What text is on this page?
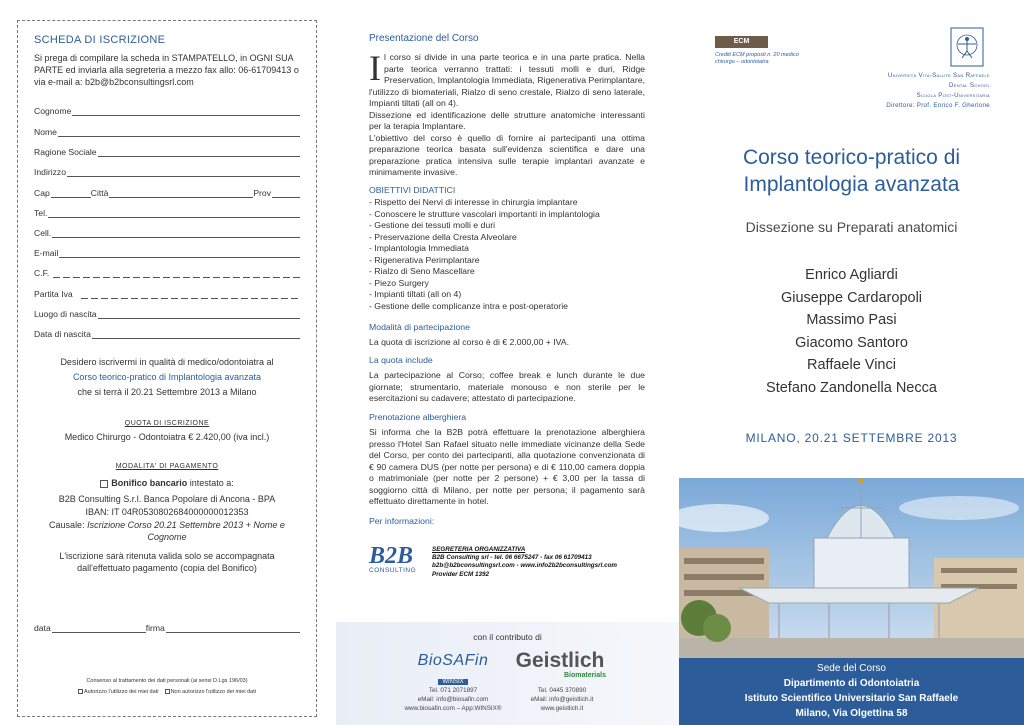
SCHEDA DI ISCRIZIONE
Si prega di compilare la scheda in STAMPATELLO, in OGNI SUA PARTE ed inviarla alla segreteria a mezzo fax allo: 06-61709413 o via e-mail a: b2b@b2bconsultingsrl.com
Cognome
Nome
Ragione Sociale
Indirizzo
Cap	Città	Prov
Tel.
Cell.
E-mail
C.F.
Partita Iva
Luogo di nascita
Data di nascita
Desidero iscrivermi in qualità di medico/odontoiatra al
Corso teorico-pratico di Implantologia avanzata
che si terrà il 20.21 Settembre 2013 a Milano
QUOTA DI ISCRIZIONE
Medico Chirurgo - Odontoiatra € 2.420,00 (iva incl.)
MODALITA' DI PAGAMENTO
Bonifico bancario intestato a:
B2B Consulting S.r.l. Banca Popolare di Ancona - BPA
IBAN: IT 04R0530802684000000012353
Causale: Iscrizione Corso 20.21 Settembre 2013 + Nome e Cognome
L'iscrizione sarà ritenuta valida solo se accompagnata dall'effettuato pagamento (copia del Bonifico)
data	firma
Consenso al trattamento dei dati personali (ai sensi D.Lgs 196/03)
Autorizzo l'utilizzo dei miei dati Non autorizzo l'utilizzo dei miei dati
Presentazione del Corso
Il corso si divide in una parte teorica e in una parte pratica. Nella parte teorica verranno trattati: i tessuti molli e duri, Ridge Preservation, Implantologia Immediata, Rigenerativa Perimplantare, l'utilizzo di biomateriali, Rialzo di seno crestale, Rialzo di seno laterale, Impianti tiltati (all on 4).
Dissezione ed identificazione delle strutture anatomiche interessanti per la terapia Implantare.
L'obiettivo del corso è quello di fornire ai partecipanti una ottima preparazione teorica basata sull'evidenza scientifica e dare una preparazione pratica intensiva sulle terapie implantari avanzate e minimamente invasive.
OBIETTIVI DIDATTICI
- Rispetto dei Nervi di interesse in chirurgia implantare
- Conoscere le strutture vascolari importanti in implantologia
- Gestione dei tessuti molli e duri
- Preservazione della Cresta Alveolare
- Implantologia Immediata
- Rigenerativa Perimplantare
- Rialzo di Seno Mascellare
- Piezo Surgery
- Impianti tiltati (all on 4)
- Gestione delle complicanze intra e post-operatorie
Modalità di partecipazione
La quota di iscrizione al corso è di € 2.000,00 + IVA.
La quota include
La partecipazione al Corso; coffee break e lunch durante le due giornate; strumentario, materiale monouso e non sterile per le esercitazioni su cadavere; attestato di partecipazione.
Prenotazione alberghiera
Si informa che la B2B potrà effettuare la prenotazione alberghiera presso l'Hotel San Rafael situato nelle immediate vicinanze della Sede del Corso, per conto dei partecipanti, alla quotazione convenzionata di € 90 camera DUS (per notte per persona) e di € 110,00 camera doppia o matrimoniale (per notte per 2 persone) + € 3,00 per la tassa di soggiorno città di Milano, per notte per persona; il pagamento sarà effettuato direttamente in hotel.
Per informazioni:
B2B
CONSULTING
SEGRETERIA ORGANIZZATIVA
B2B Consulting srl - tel. 06 6675247 - fax 06 61709413
b2b@b2bconsultingsrl.com - www.info2b2bconsultingsrl.com
Provider ECM 1392
con il contributo di
BioSAFin
WINSIX
Tel. 071 2071897
eMail: info@biosafin.com
www.biosafin.com – App:WINSIX®
Geistlich
Biomaterials
Tel. 0445 370890
eMail: info@geistlich.it
www.geistlich.it
ECM
Crediti ECM proposti n. 20 medico chirurgo – odontoiatra
Università Vita-Salute San Raffaele
Dental School
Scuola Post-Universitaria
Direttore: Prof. Enrico F. Gherlone
Corso teorico-pratico di Implantologia avanzata
Dissezione su Preparati anatomici
Enrico Agliardi
Giuseppe Cardaropoli
Massimo Pasi
Giacomo Santoro
Raffaele Vinci
Stefano Zandonella Necca
MILANO, 20.21 SETTEMBRE 2013
Sede del Corso
Dipartimento di Odontoiatria
Istituto Scientifico Universitario San Raffaele
Milano, Via Olgettina 58
